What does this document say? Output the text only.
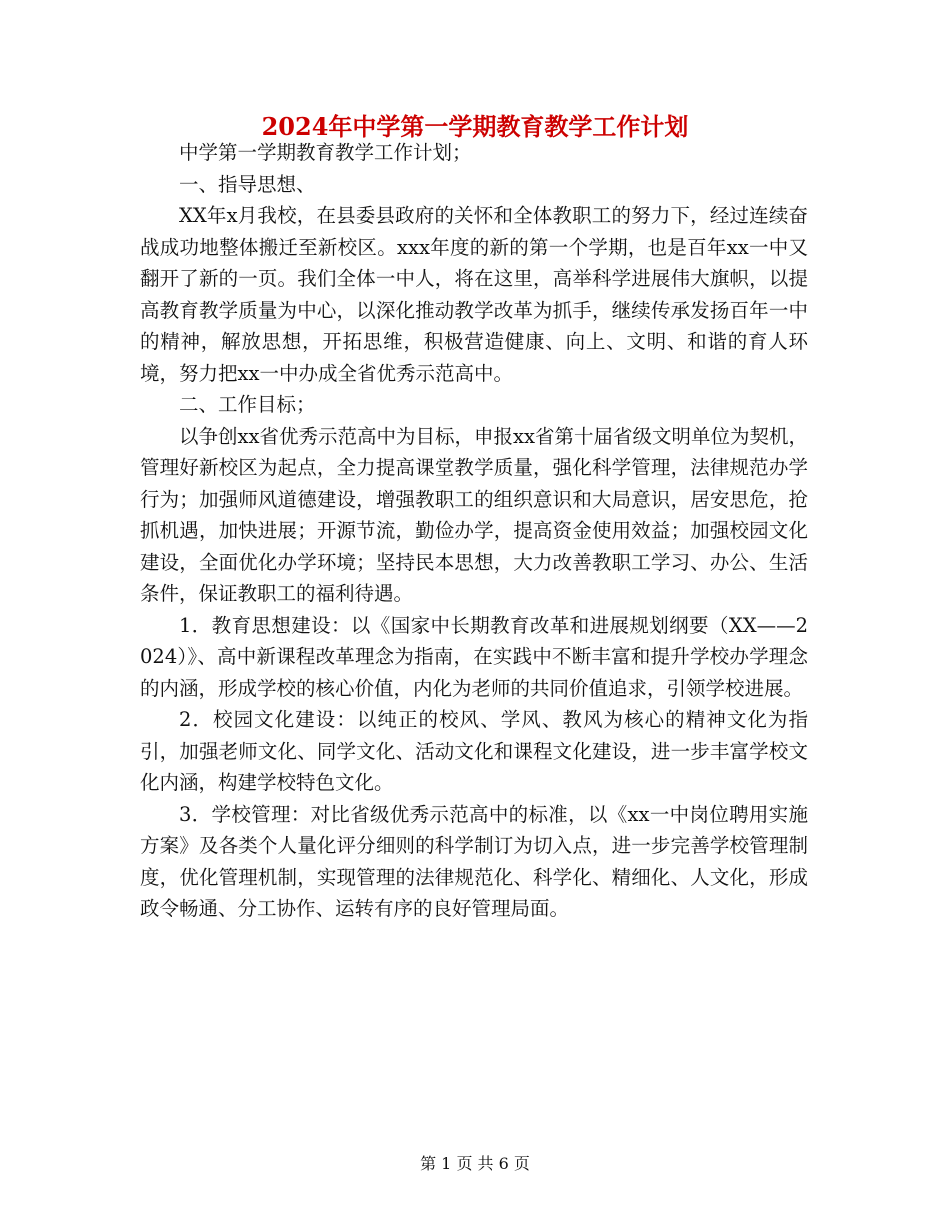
2024年中学第一学期教育教学工作计划

中学第一学期教育教学工作计划；

一、指导思想、

XX年x月我校，在县委县政府的关怀和全体教职工的努力下，经过连续奋战成功地整体搬迁至新校区。xxx年度的新的第一个学期，也是百年xx一中又翻开了新的一页。我们全体一中人，将在这里，高举科学进展伟大旗帜，以提高教育教学质量为中心，以深化推动教学改革为抓手，继续传承发扬百年一中的精神，解放思想，开拓思维，积极营造健康、向上、文明、和谐的育人环境，努力把xx一中办成全省优秀示范高中。

二、工作目标；

以争创xx省优秀示范高中为目标，申报xx省第十届省级文明单位为契机，管理好新校区为起点，全力提高课堂教学质量，强化科学管理，法律规范办学行为；加强师风道德建设，增强教职工的组织意识和大局意识，居安思危，抢抓机遇，加快进展；开源节流，勤俭办学，提高资金使用效益；加强校园文化建设，全面优化办学环境；坚持民本思想，大力改善教职工学习、办公、生活条件，保证教职工的福利待遇。

1．教育思想建设：以《国家中长期教育改革和进展规划纲要（XX——2024）》、高中新课程改革理念为指南，在实践中不断丰富和提升学校办学理念的内涵，形成学校的核心价值，内化为老师的共同价值追求，引领学校进展。

2．校园文化建设：以纯正的校风、学风、教风为核心的精神文化为指引，加强老师文化、同学文化、活动文化和课程文化建设，进一步丰富学校文化内涵，构建学校特色文化。

3．学校管理：对比省级优秀示范高中的标准，以《xx一中岗位聘用实施方案》及各类个人量化评分细则的科学制订为切入点，进一步完善学校管理制度，优化管理机制，实现管理的法律规范化、科学化、精细化、人文化，形成政令畅通、分工协作、运转有序的良好管理局面。

第 1 页 共 6 页
